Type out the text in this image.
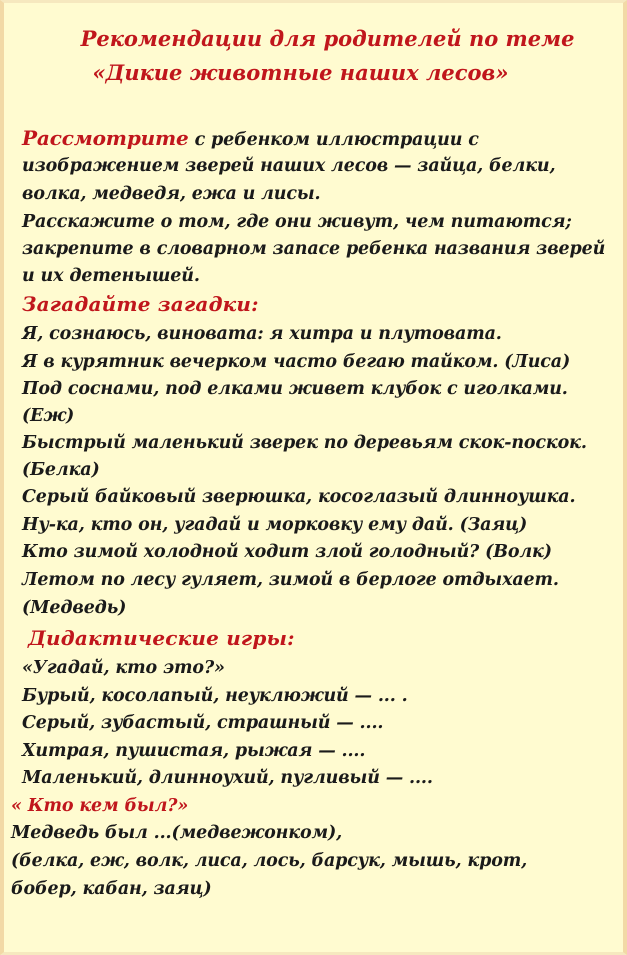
Рекомендации для родителей по теме
«Дикие животные наших лесов»
Рассмотрите с ребенком иллюстрации с
изображением зверей наших лесов — зайца, белки,
волка, медведя, ежа и лисы.
Расскажите о том, где они живут, чем питаются;
закрепите в словарном запасе ребенка названия зверей
и их детенышей.
Загадайте загадки:
Я, сознаюсь, виновата: я хитра и плутовата.
Я в курятник вечерком часто бегаю тайком. (Лиса)
Под соснами, под елками живет клубок с иголками.
(Еж)
Быстрый маленький зверек по деревьям скок-поскок.
(Белка)
Серый байковый зверюшка, косоглазый длинноушка.
Ну-ка, кто он, угадай и морковку ему дай. (Заяц)
Кто зимой холодной ходит злой голодный? (Волк)
Летом по лесу гуляет, зимой в берлоге отдыхает.
(Медведь)
Дидактические игры:
«Угадай, кто это?»
Бурый, косолапый, неуклюжий — ... .
Серый, зубастый, страшный — ....
Хитрая, пушистая, рыжая — ....
Маленький, длинноухий, пугливый — ....
« Кто кем был?»
Медведь был ...(медвежонком),
(белка, еж, волк, лиса, лось, барсук, мышь, крот,
бобер, кабан, заяц)
